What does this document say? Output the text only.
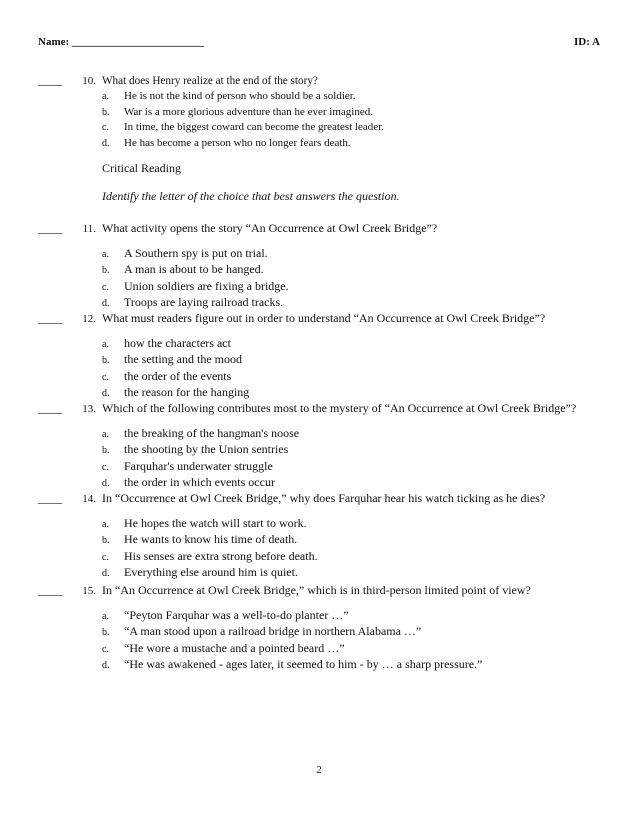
Name: ________________________	ID: A
____	10. What does Henry realize at the end of the story?
a.	He is not the kind of person who should be a soldier.
b.	War is a more glorious adventure than he ever imagined.
c.	In time, the biggest coward can become the greatest leader.
d.	He has become a person who no longer fears death.
Critical Reading
Identify the letter of the choice that best answers the question.
____	11. What activity opens the story “An Occurrence at Owl Creek Bridge”?
a.	A Southern spy is put on trial.
b.	A man is about to be hanged.
c.	Union soldiers are fixing a bridge.
d.	Troops are laying railroad tracks.
____	12. What must readers figure out in order to understand “An Occurrence at Owl Creek Bridge”?
a.	how the characters act
b.	the setting and the mood
c.	the order of the events
d.	the reason for the hanging
____	13. Which of the following contributes most to the mystery of “An Occurrence at Owl Creek Bridge”?
a.	the breaking of the hangman's noose
b.	the shooting by the Union sentries
c.	Farquhar's underwater struggle
d.	the order in which events occur
____	14. In “Occurrence at Owl Creek Bridge,” why does Farquhar hear his watch ticking as he dies?
a.	He hopes the watch will start to work.
b.	He wants to know his time of death.
c.	His senses are extra strong before death.
d.	Everything else around him is quiet.
____	15. In “An Occurrence at Owl Creek Bridge,” which is in third-person limited point of view?
a.	“Peyton Farquhar was a well-to-do planter …”
b.	“A man stood upon a railroad bridge in northern Alabama …”
c.	“He wore a mustache and a pointed beard …”
d.	“He was awakened - ages later, it seemed to him - by … a sharp pressure.”
2
